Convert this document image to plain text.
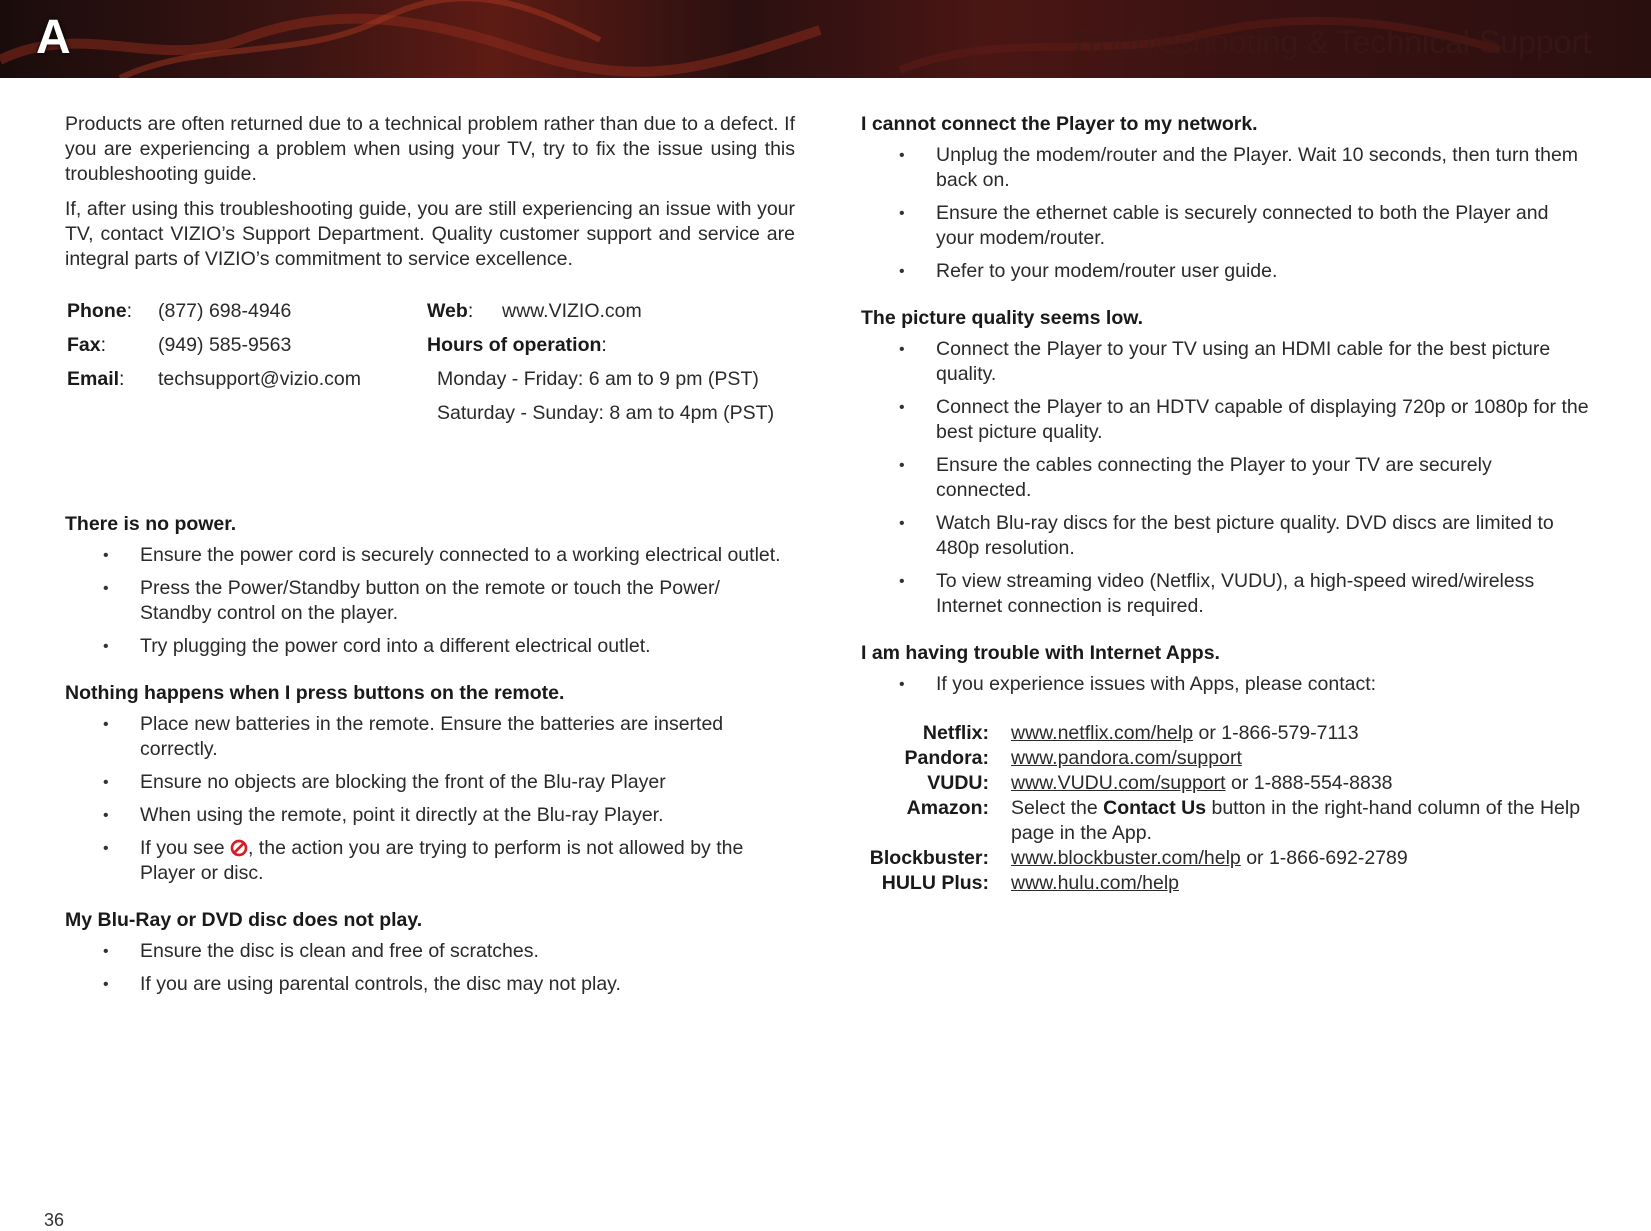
A	Troubleshooting & Technical Support

Products are often returned due to a technical problem rather than due to a defect. If you are experiencing a problem when using your TV, try to fix the issue using this troubleshooting guide.

If, after using this troubleshooting guide, you are still experiencing an issue with your TV, contact VIZIO’s Support Department. Quality customer support and service are integral parts of VIZIO’s commitment to service excellence.

Phone: (877) 698-4946
Fax:	(949) 585-9563
Email: techsupport@vizio.com
Web: www.VIZIO.com
Hours of operation:
Monday - Friday: 6 am to 9 pm (PST)
Saturday - Sunday: 8 am to 4pm (PST)
There is no power.
• Ensure the power cord is securely connected to a working electrical outlet.
• Press the Power/Standby button on the remote or touch the Power/ Standby control on the player.
• Try plugging the power cord into a different electrical outlet.
Nothing happens when I press buttons on the remote.
• Place new batteries in the remote. Ensure the batteries are inserted correctly.
• Ensure no objects are blocking the front of the Blu-ray Player
• When using the remote, point it directly at the Blu-ray Player.
• If you see , the action you are trying to perform is not allowed by the Player or disc.
My Blu-Ray or DVD disc does not play.
• Ensure the disc is clean and free of scratches.
• If you are using parental controls, the disc may not play.
I cannot connect the Player to my network.
• Unplug the modem/router and the Player. Wait 10 seconds, then turn them back on.
• Ensure the ethernet cable is securely connected to both the Player and your modem/router.
• Refer to your modem/router user guide.
The picture quality seems low.
• Connect the Player to your TV using an HDMI cable for the best picture quality.
• Connect the Player to an HDTV capable of displaying 720p or 1080p for the best picture quality.
• Ensure the cables connecting the Player to your TV are securely connected.
• Watch Blu-ray discs for the best picture quality. DVD discs are limited to 480p resolution.
• To view streaming video (Netflix, VUDU), a high-speed wired/wireless Internet connection is required.
I am having trouble with Internet Apps.
• If you experience issues with Apps, please contact:
Netflix: www.netflix.com/help or 1-866-579-7113
Pandora: www.pandora.com/support
VUDU: www.VUDU.com/support or 1-888-554-8838
Amazon: Select the Contact Us button in the right-hand column of the Help page in the App.
Blockbuster: www.blockbuster.com/help or 1-866-692-2789
HULU Plus: www.hulu.com/help
36
